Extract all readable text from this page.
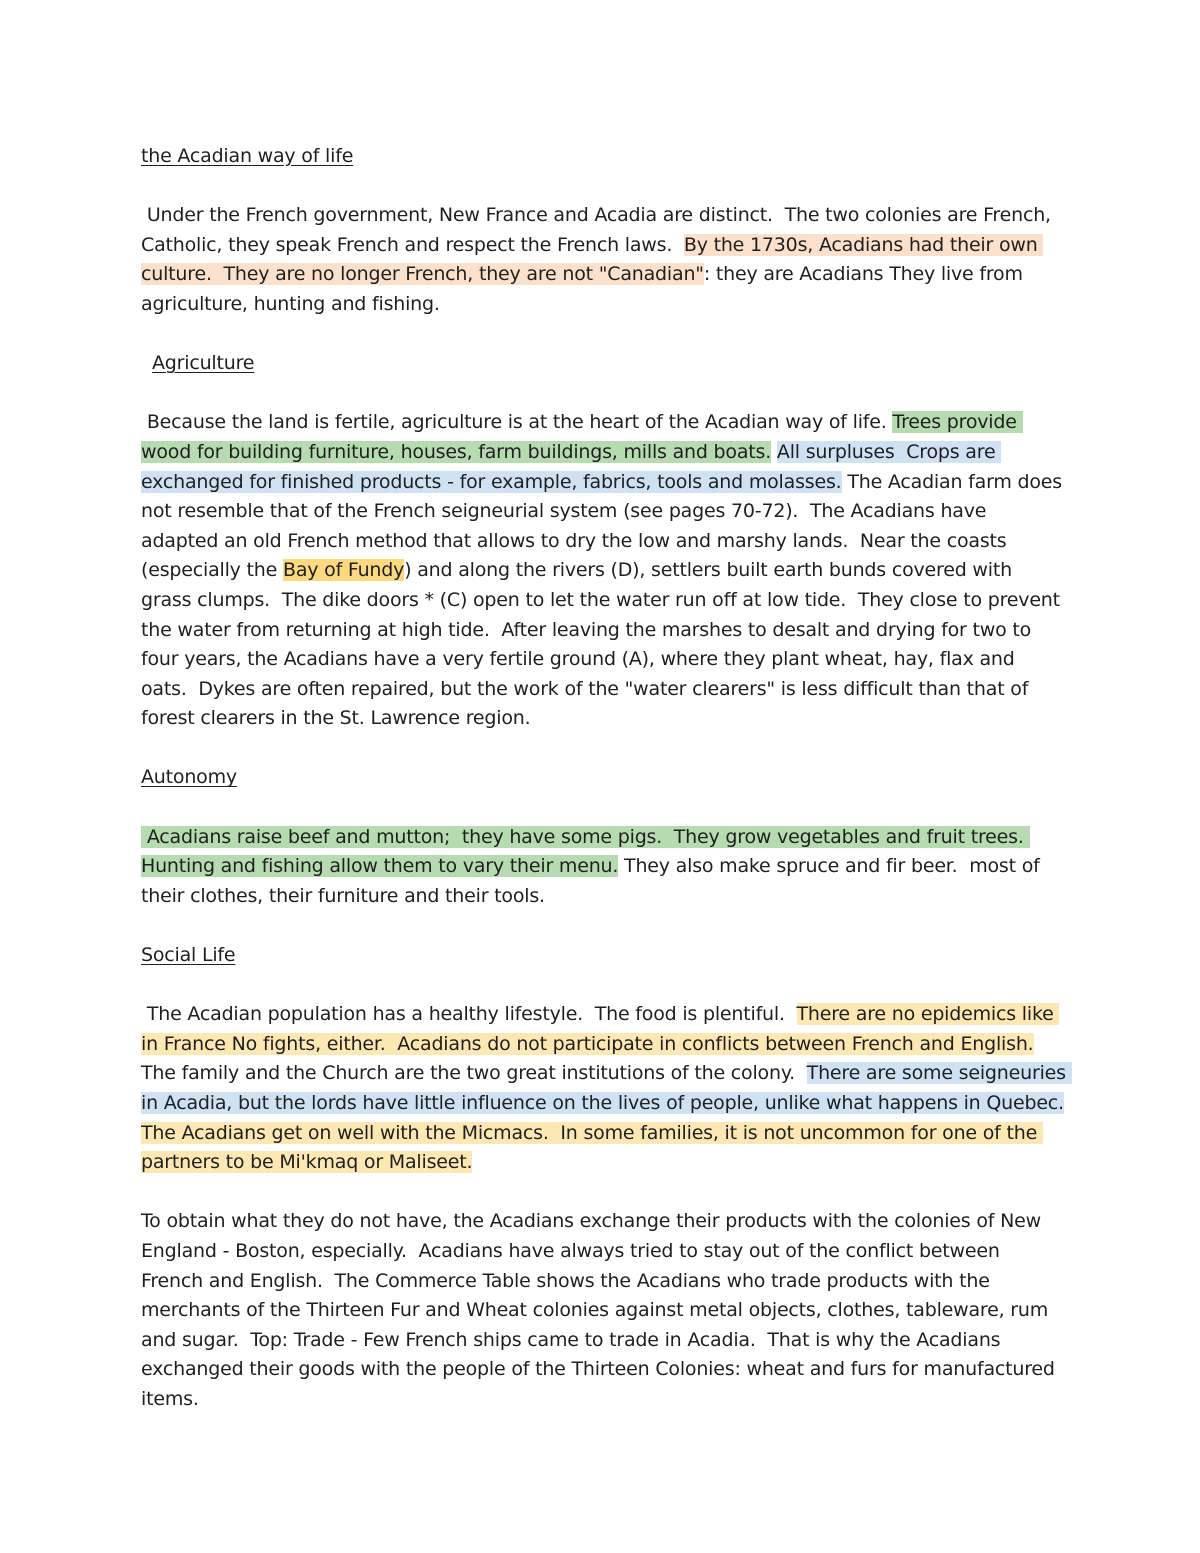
the Acadian way of life

Under the French government, New France and Acadia are distinct.  The two colonies are French, Catholic, they speak French and respect the French laws.  By the 1730s, Acadians had their own culture.  They are no longer French, they are not "Canadian": they are Acadians They live from agriculture, hunting and fishing.

Agriculture

Because the land is fertile, agriculture is at the heart of the Acadian way of life. Trees provide wood for building furniture, houses, farm buildings, mills and boats. All surpluses  Crops are exchanged for finished products - for example, fabrics, tools and molasses. The Acadian farm does not resemble that of the French seigneurial system (see pages 70-72).  The Acadians have adapted an old French method that allows to dry the low and marshy lands.  Near the coasts (especially the Bay of Fundy) and along the rivers (D), settlers built earth bunds covered with grass clumps.  The dike doors * (C) open to let the water run off at low tide.  They close to prevent the water from returning at high tide.  After leaving the marshes to desalt and drying for two to four years, the Acadians have a very fertile ground (A), where they plant wheat, hay, flax and oats.  Dykes are often repaired, but the work of the "water clearers" is less difficult than that of forest clearers in the St. Lawrence region.

Autonomy

Acadians raise beef and mutton;  they have some pigs.  They grow vegetables and fruit trees. Hunting and fishing allow them to vary their menu. They also make spruce and fir beer.  most of their clothes, their furniture and their tools.

Social Life

The Acadian population has a healthy lifestyle.  The food is plentiful.  There are no epidemics like in France No fights, either.  Acadians do not participate in conflicts between French and English.  The family and the Church are the two great institutions of the colony.  There are some seigneuries in Acadia, but the lords have little influence on the lives of people, unlike what happens in Quebec.  The Acadians get on well with the Micmacs.  In some families, it is not uncommon for one of the partners to be Mi'kmaq or Maliseet.

To obtain what they do not have, the Acadians exchange their products with the colonies of New England - Boston, especially.  Acadians have always tried to stay out of the conflict between French and English.  The Commerce Table shows the Acadians who trade products with the merchants of the Thirteen Fur and Wheat colonies against metal objects, clothes, tableware, rum and sugar.  Top: Trade - Few French ships came to trade in Acadia.  That is why the Acadians exchanged their goods with the people of the Thirteen Colonies: wheat and furs for manufactured items.
